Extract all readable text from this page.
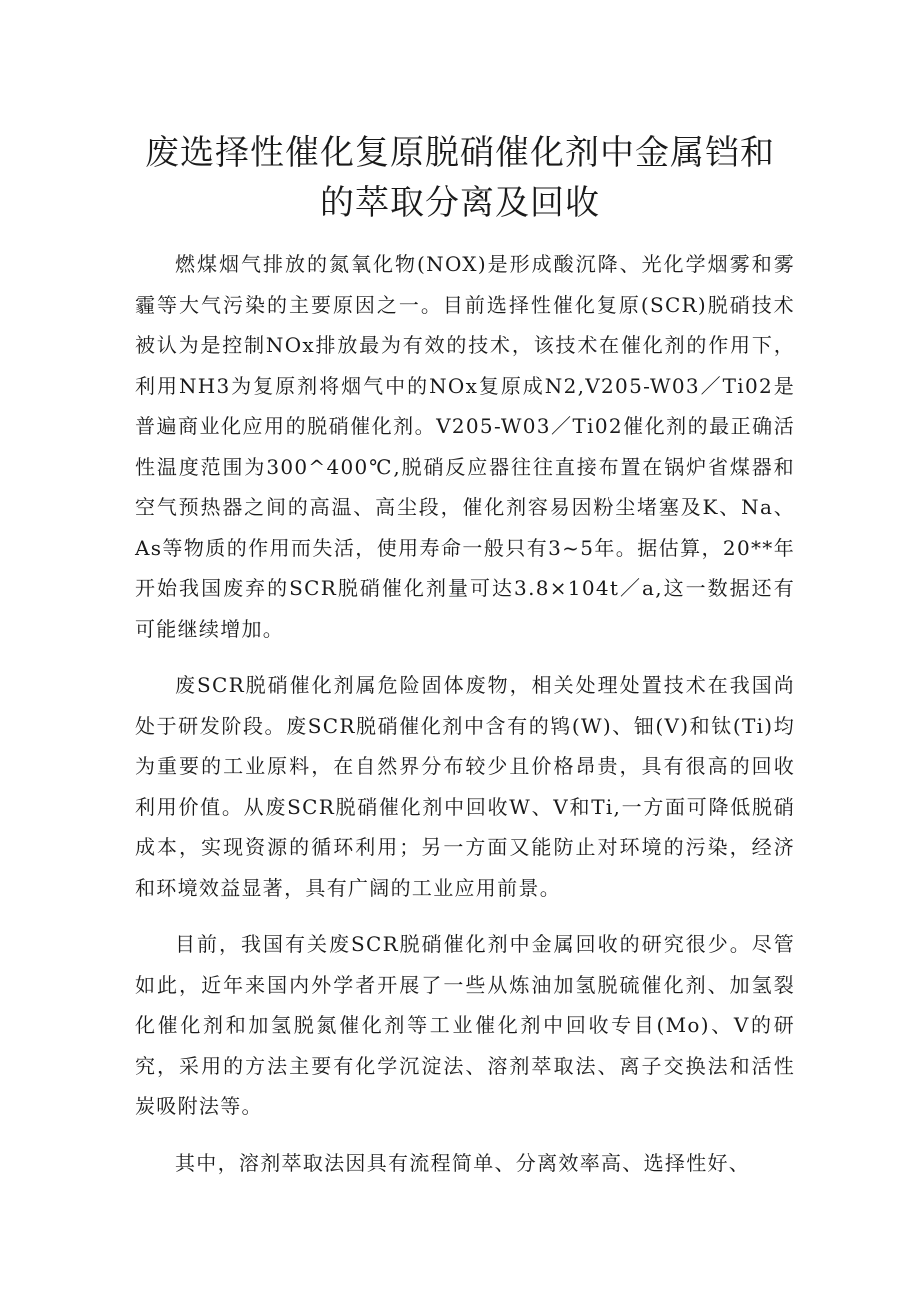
废选择性催化复原脱硝催化剂中金属铛和
的萃取分离及回收

燃煤烟气排放的氮氧化物(NOX)是形成酸沉降、光化学烟雾和雾霾等大气污染的主要原因之一。目前选择性催化复原(SCR)脱硝技术被认为是控制NOx排放最为有效的技术，该技术在催化剂的作用下，利用NH3为复原剂将烟气中的NOx复原成N2,V205-W03／Ti02是普遍商业化应用的脱硝催化剂。V205-W03／Ti02催化剂的最正确活性温度范围为300^400℃,脱硝反应器往往直接布置在锅炉省煤器和空气预热器之间的高温、高尘段，催化剂容易因粉尘堵塞及K、Na、As等物质的作用而失活，使用寿命一般只有3~5年。据估算，20**年开始我国废弃的SCR脱硝催化剂量可达3.8×104t／a,这一数据还有可能继续增加。

废SCR脱硝催化剂属危险固体废物，相关处理处置技术在我国尚处于研发阶段。废SCR脱硝催化剂中含有的鸨(W)、钿(V)和钛(Ti)均为重要的工业原料，在自然界分布较少且价格昂贵，具有很高的回收利用价值。从废SCR脱硝催化剂中回收W、V和Ti,一方面可降低脱硝成本，实现资源的循环利用；另一方面又能防止对环境的污染，经济和环境效益显著，具有广阔的工业应用前景。

目前，我国有关废SCR脱硝催化剂中金属回收的研究很少。尽管如此，近年来国内外学者开展了一些从炼油加氢脱硫催化剂、加氢裂化催化剂和加氢脱氮催化剂等工业催化剂中回收专目(Mo)、V的研究，采用的方法主要有化学沉淀法、溶剂萃取法、离子交换法和活性炭吸附法等。

其中，溶剂萃取法因具有流程简单、分离效率高、选择性好、
